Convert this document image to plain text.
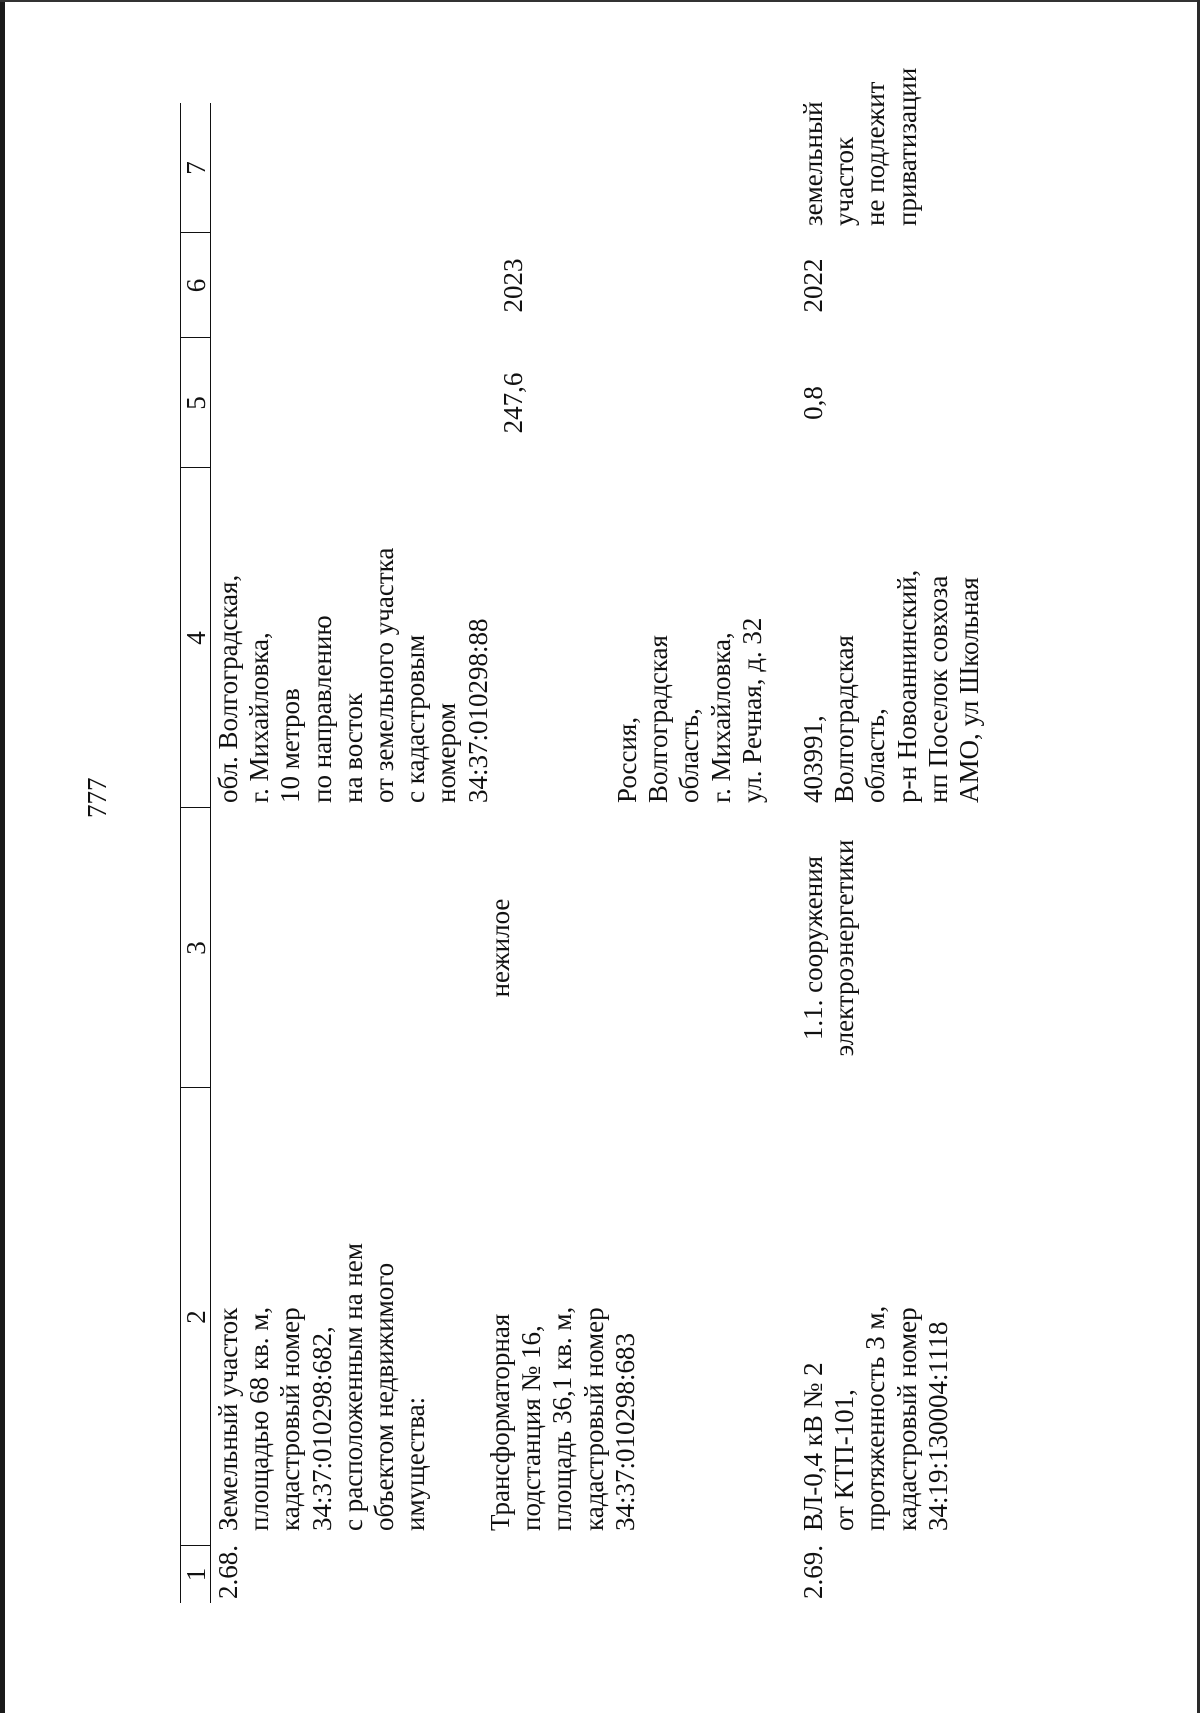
777
1
2
3
4
5
6
7
2.68.
Земельный участок
площадью 68 кв. м,
кадастровый номер
34:37:010298:682,
с расположенным на нем
объектом недвижимого
имущества:
обл. Волгоградская,
г. Михайловка,
10 метров
по направлению
на восток
от земельного участка
с кадастровым
номером
34:37:010298:88
Трансформаторная
подстанция № 16,
площадь 36,1 кв. м,
кадастровый номер
34:37:010298:683
нежилое
Россия,
Волгоградская
область,
г. Михайловка,
ул. Речная, д. 32
247,6
2023
2.69.
ВЛ-0,4 кВ № 2
от КТП-101,
протяженность 3 м,
кадастровый номер
34:19:130004:1118
1.1. сооружения
электроэнергетики
403991,
Волгоградская
область,
р-н Новоаннинский,
нп Поселок совхоза
АМО, ул Школьная
0,8
2022
земельный
участок
не подлежит
приватизации
